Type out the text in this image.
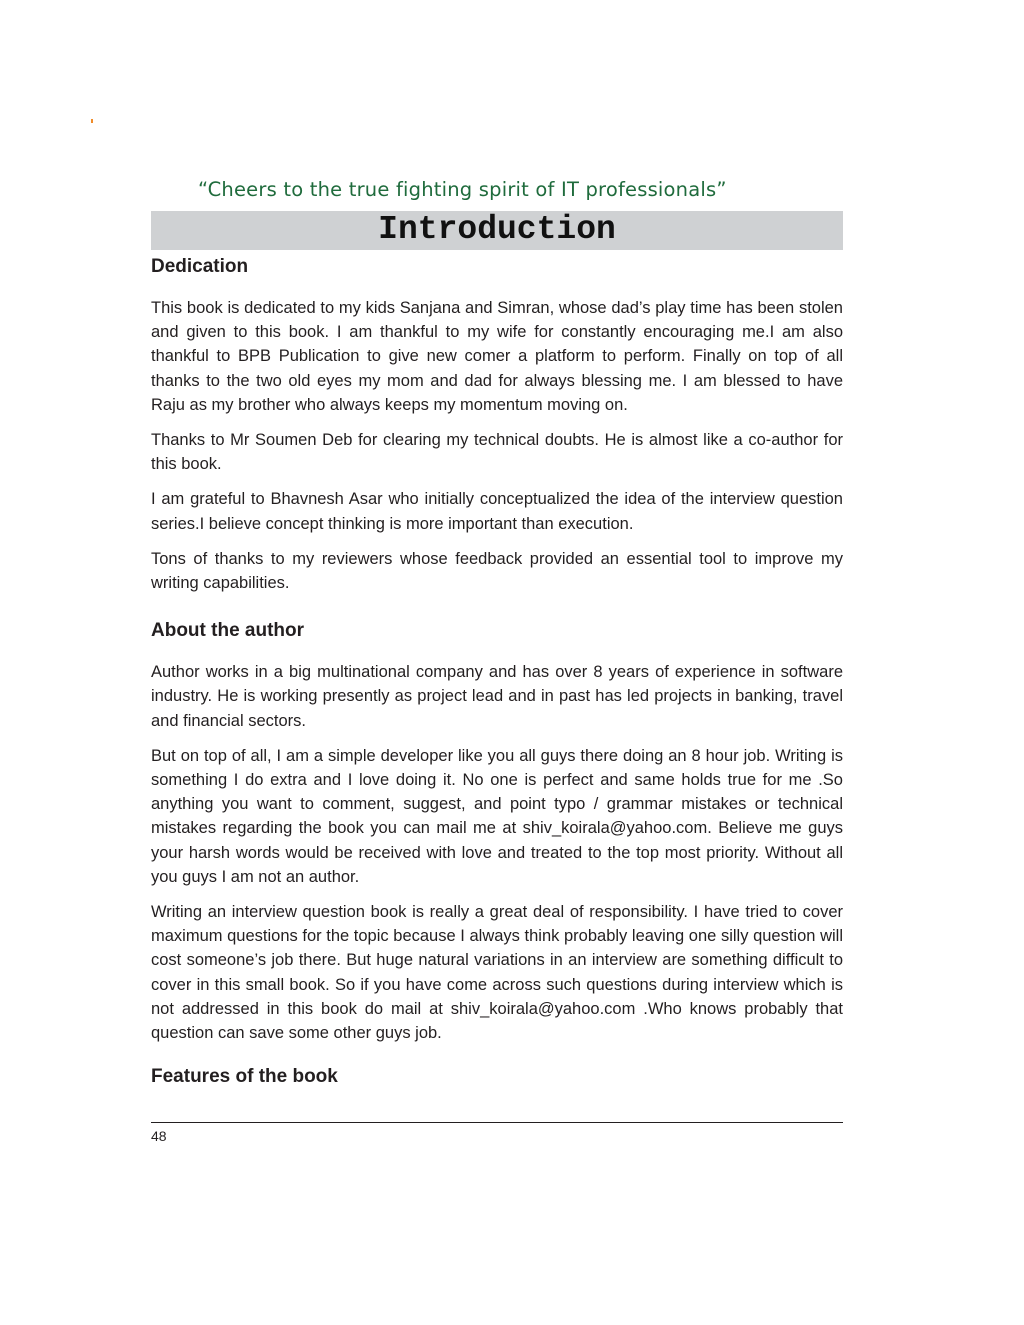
“Cheers to the true fighting spirit of IT professionals”
Introduction
Dedication

This book is dedicated to my kids Sanjana and Simran, whose dad’s play time has been stolen and given to this book. I am thankful to my wife for constantly encouraging me.I am also thankful to BPB Publication to give new comer a platform to perform. Finally on top of all thanks to the two old eyes my mom and dad for always blessing me. I am blessed to have Raju as my brother who always keeps my momentum moving on.

Thanks to Mr Soumen Deb for clearing my technical doubts. He is almost like a co-author for this book.

I am grateful to Bhavnesh Asar who initially conceptualized the idea of the interview question series.I believe concept thinking is more important than execution.

Tons of thanks to my reviewers whose feedback provided an essential tool to improve my writing capabilities.

About the author

Author works in a big multinational company and has over 8 years of experience in software industry. He is working presently as project lead and in past has led projects in banking, travel and financial sectors.

But on top of all, I am a simple developer like you all guys there doing an 8 hour job. Writing is something I do extra and I love doing it. No one is perfect and same holds true for me .So anything you want to comment, suggest, and point typo / grammar mistakes or technical mistakes regarding the book you can mail me at shiv_koirala@yahoo.com. Believe me guys your harsh words would be received with love and treated to the top most priority. Without all you guys I am not an author.

Writing an interview question book is really a great deal of responsibility. I have tried to cover maximum questions for the topic because I always think probably leaving one silly question will cost someone’s job there. But huge natural variations in an interview are something difficult to cover in this small book. So if you have come across such questions during interview which is not addressed in this book do mail at shiv_koirala@yahoo.com .Who knows probably that question can save some other guys job.

Features of the book
48
